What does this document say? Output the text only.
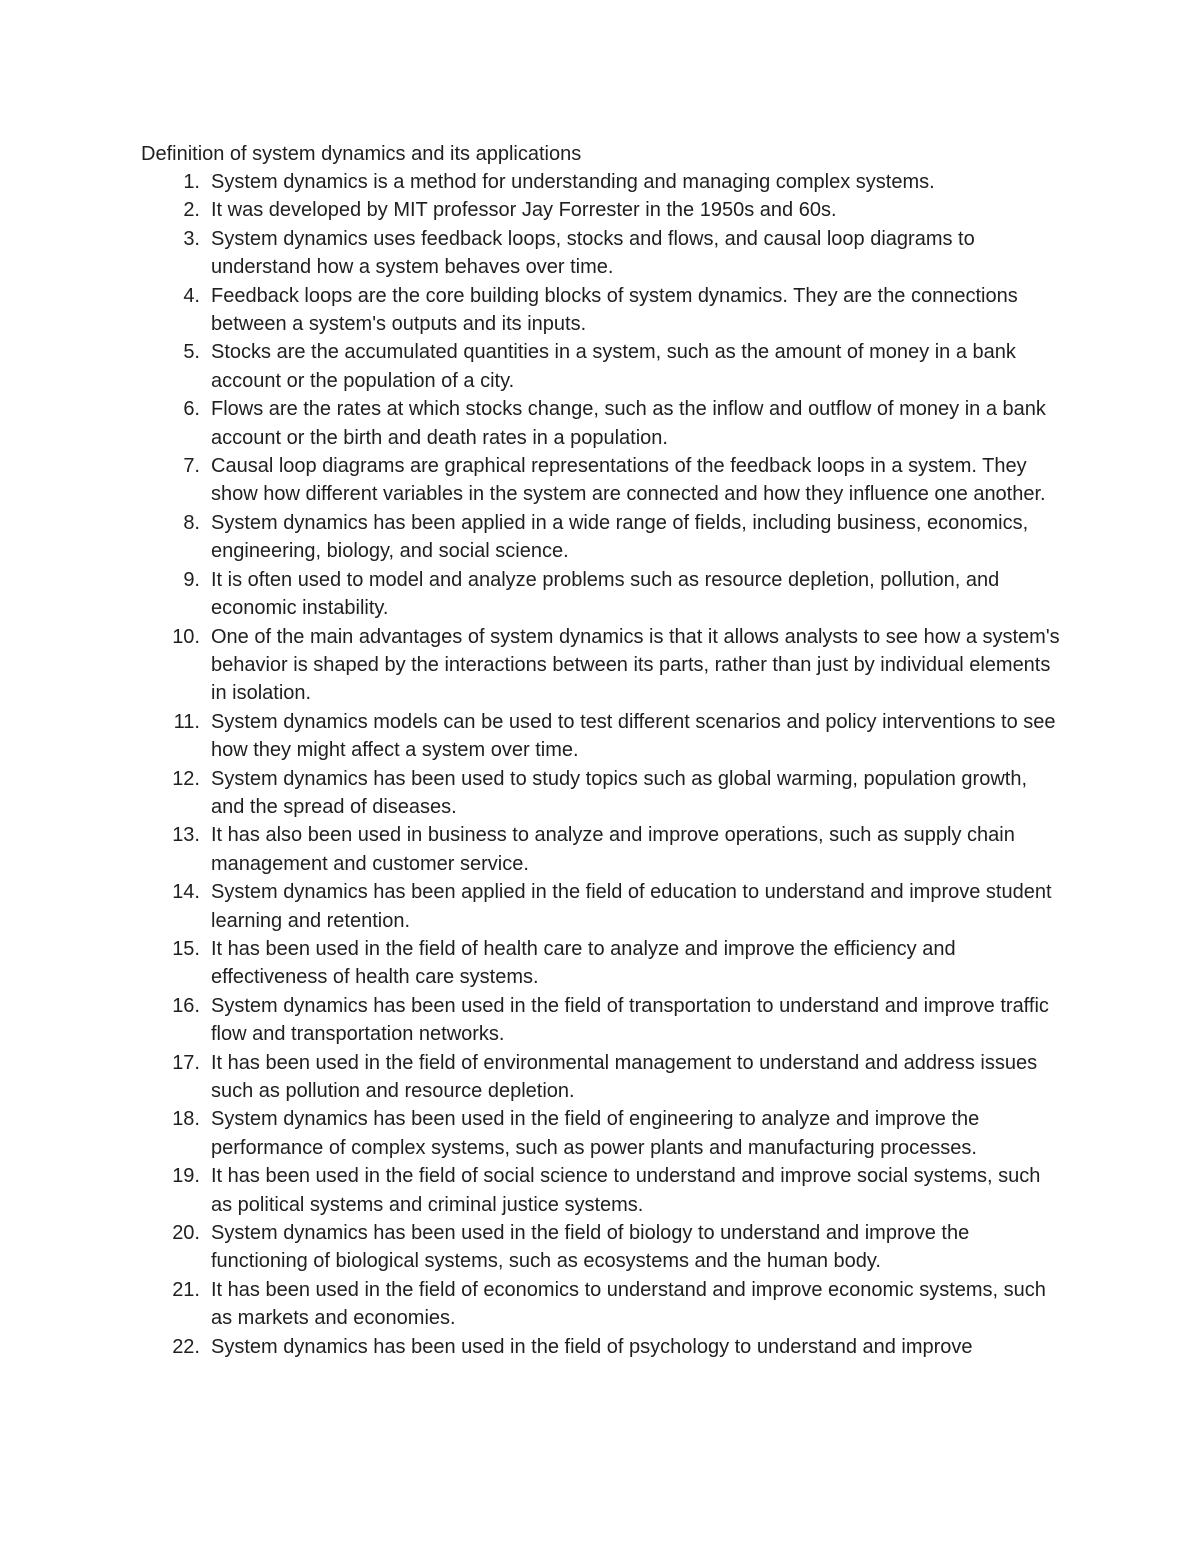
Definition of system dynamics and its applications
1. System dynamics is a method for understanding and managing complex systems.
2. It was developed by MIT professor Jay Forrester in the 1950s and 60s.
3. System dynamics uses feedback loops, stocks and flows, and causal loop diagrams to understand how a system behaves over time.
4. Feedback loops are the core building blocks of system dynamics. They are the connections between a system's outputs and its inputs.
5. Stocks are the accumulated quantities in a system, such as the amount of money in a bank account or the population of a city.
6. Flows are the rates at which stocks change, such as the inflow and outflow of money in a bank account or the birth and death rates in a population.
7. Causal loop diagrams are graphical representations of the feedback loops in a system. They show how different variables in the system are connected and how they influence one another.
8. System dynamics has been applied in a wide range of fields, including business, economics, engineering, biology, and social science.
9. It is often used to model and analyze problems such as resource depletion, pollution, and economic instability.
10. One of the main advantages of system dynamics is that it allows analysts to see how a system's behavior is shaped by the interactions between its parts, rather than just by individual elements in isolation.
11. System dynamics models can be used to test different scenarios and policy interventions to see how they might affect a system over time.
12. System dynamics has been used to study topics such as global warming, population growth, and the spread of diseases.
13. It has also been used in business to analyze and improve operations, such as supply chain management and customer service.
14. System dynamics has been applied in the field of education to understand and improve student learning and retention.
15. It has been used in the field of health care to analyze and improve the efficiency and effectiveness of health care systems.
16. System dynamics has been used in the field of transportation to understand and improve traffic flow and transportation networks.
17. It has been used in the field of environmental management to understand and address issues such as pollution and resource depletion.
18. System dynamics has been used in the field of engineering to analyze and improve the performance of complex systems, such as power plants and manufacturing processes.
19. It has been used in the field of social science to understand and improve social systems, such as political systems and criminal justice systems.
20. System dynamics has been used in the field of biology to understand and improve the functioning of biological systems, such as ecosystems and the human body.
21. It has been used in the field of economics to understand and improve economic systems, such as markets and economies.
22. System dynamics has been used in the field of psychology to understand and improve
